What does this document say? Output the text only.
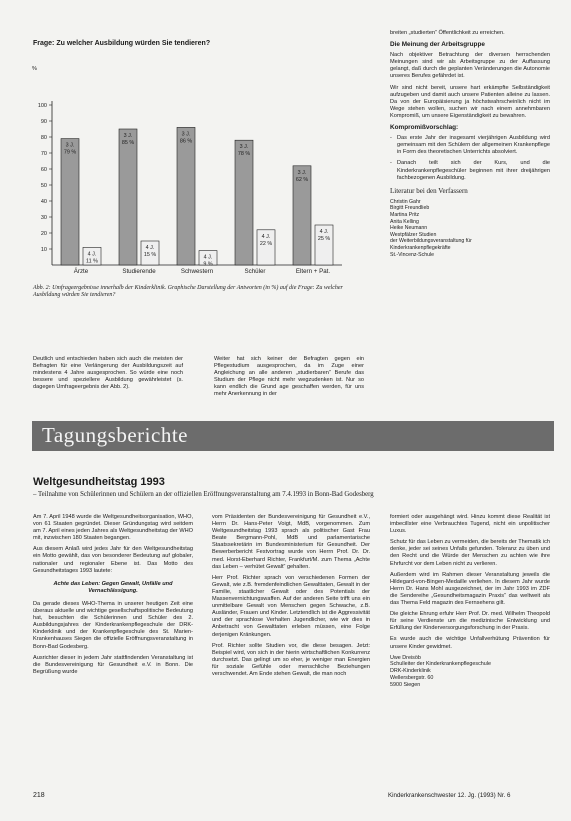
Frage: Zu welcher Ausbildung würden Sie tendieren?
%
10
20
30
40
50
60
70
80
90
100
Ärzte
3 J.
79 %
4 J.
11 %
Studierende
3 J.
85 %
4 J.
15 %
Schwestern
3 J.
86 %
4 J.
9 %
Schüler
3 J.
78 %
4 J.
22 %
Eltern + Pat.
3 J.
62 %
4 J.
25 %
Abb. 2: Umfrageergebnisse innerhalb der Kinderklinik. Graphische Darstellung der Antworten (in %) auf die Frage: Zu welcher Ausbildung würden Sie tendieren?
Deutlich und entschieden haben sich auch die meisten der Befragten für eine Verlängerung der Ausbildungszeit auf mindestens 4 Jahre ausgesprochen. So würde eine noch bessere und speziellere Ausbildung gewährleistet (s. dagegen Umfrageergebnis der Abb. 2).
Weiter hat sich keiner der Befragten gegen ein Pflegestudium ausgesprochen, da im Zuge einer Angleichung an alle anderen „studierbaren“ Berufe das Studium der Pflege nicht mehr wegzudenken ist. Nur so kann endlich die Grund age geschaffen werden, für uns mehr Anerkennung in der

breiten „studierten“ Öffentlichkeit zu erreichen.

Die Meinung der Arbeitsgruppe

Nach objektiver Betrachtung der diversen herrschenden Meinungen sind wir als Arbeitsgruppe zu der Auffassung gelangt, daß durch die geplanten Veränderungen die Autonomie unseres Berufes gefährdet ist.

Wir sind nicht bereit, unsere hart erkämpfte Selbständigkeit aufzugeben und damit auch unsere Patienten alleine zu lassen. Da von der Europäisierung ja höchstwahrscheinlich nicht im Wege stehen wollen, suchen wir nach einem annehmbaren Kompromiß, um unsere Eigenständigkeit zu bewahren.

Kompromißvorschlag:

- Das erste Jahr der insgesamt vierjährigen Ausbildung wird gemeinsam mit den Schülern der allgemeinen Krankenpflege in Form des theoretischen Unterrichts absolviert.

- Danach teilt sich der Kurs, und die Kinderkrankenpflegeschüler beginnen mit ihrer dreijährigen fachbezogenen Ausbildung.

Literatur bei den Verfassern

Christin Gahr
Birgitt Freundlieb
Martina Pritz
Anita Kelling
Heike Neumann
Westpfälzer Studien
der Weiterbildungsveranstaltung für
Kinderkrankenpflegekräfte
St.-Vincenz-Schule
Tagungsberichte
Weltgesundheitstag 1993
– Teilnahme von Schülerinnen und Schülern an der offiziellen Eröffnungsveranstaltung am 7.4.1993 in Bonn-Bad Godesberg

Am 7. April 1948 wurde die Weltgesundheitsorganisation, WHO, von 61 Staaten gegründet. Dieser Gründungstag wird seitdem am 7. April eines jeden Jahres als Weltgesundheitstag der WHO mit, inzwischen 180 Staaten begangen.

Aus diesem Anlaß wird jedes Jahr für den Weltgesundheitstag ein Motto gewählt, das von besonderer Bedeutung auf globaler, nationaler und regionaler Ebene ist. Das Motto des Gesundheitstages 1993 lautete:

Achte das Leben: Gegen Gewalt, Unfälle und Vernachlässigung.

Da gerade dieses WHO-Thema in unserer heutigen Zeit eine überaus aktuelle und wichtige gesellschaftspolitische Bedeutung hat, besuchten die Schülerinnen und Schüler des 2. Ausbildungsjahres der Kinderkrankenpflegeschule der DRK-Kinderklinik und der Krankenpflegeschule des St. Marien-Krankenhauses Siegen die offizielle Eröffnungsveranstaltung in Bonn-Bad Godesberg.

Ausrichter dieser in jedem Jahr stattfindenden Veranstaltung ist die Bundesvereinigung für Gesundheit e.V. in Bonn. Die Begrüßung wurde

vom Präsidenten der Bundesvereinigung für Gesundheit e.V., Herrn Dr. Hans-Peter Voigt, MdB, vorgenommen. Zum Weltgesundheitstag 1993 sprach als politischer Gast Frau Beate Bergmann-Pohl, MdB und parlamentarische Staatssekretärin im Bundesministerium für Gesundheit. Der Bewerberbericht Festvortrag wurde von Herrn Prof. Dr. Dr. med. Horst-Eberhard Richter, Frankfurt/M. zum Thema „Achte das Leben – verhütet Gewalt“ gehalten.

Herr Prof. Richter sprach von verschiedenen Formen der Gewalt, wie z.B. fremdenfeindlichen Gewalttaten, Gewalt in der Familie, staatlicher Gewalt oder des Potentials der Massenvernichtungswaffen. Auf der anderen Seite trifft uns ein unmittelbare Gewalt von Menschen gegen Schwache, z.B. Ausländer, Frauen und Kinder. Letztendlich ist die Aggressivität und der sprachlose Verhalten Jugendlicher, wie wir dies in Anbetracht von Gewalttaten erleben müssen, eine Folge derjenigen Kränkungen.

Prof. Richter sollte Studien vor, die diese besagen. Jetzt: Beispiel wird, von sich in der hierin wirtschaftlichen Konkurrenz durchsetzt. Das gelingt um so eher, je weniger man Energien für soziale Gefühle oder menschliche Beziehungen verschwendet. Am Ende stehen Gewalt, die man noch

formiert oder ausgehängt wird. Hinzu kommt diese Realität ist imbecillster eine Verbrauchtes Tugend, nicht ein unpolitischer Luxus.

Schutz für das Leben zu vermeiden, die bereits der Thematik ich denke, jeder sei seines Unfalls gefunden. Toleranz zu üben und den Recht und die Würde der Menschen zu achten wie ihre Ehrfurcht vor dem Leben nicht zu verlieren.

Außerdem wird im Rahmen dieser Veranstaltung jeweils die Hildegard-von-Bingen-Medaille verliehen. In diesem Jahr wurde Herrn Dr. Hans Mohl ausgezeichnet, der im Jahr 1993 im ZDF die Sendereihe „Gesundheitsmagazin Praxis“ das weltweit als das Thema Feld magazin des Fernsehens gilt.

Die gleiche Ehrung erfuhr Herr Prof. Dr. med. Wilhelm Theopold für seine Verdienste um die medizinische Entwicklung und Erfüllung der Kinderversorgungsforschung in der Praxis.

Es wurde auch die wichtige Unfallverhütung Prävention für unsere Kinder gewidmet.

Uwe Dreisöb
Schulleiter der Kinderkrankenpflegeschule
DRK-Kinderklinik
Wellersbergstr. 60
5900 Siegen
218	Kinderkrankenschwester 12. Jg. (1993) Nr. 6
